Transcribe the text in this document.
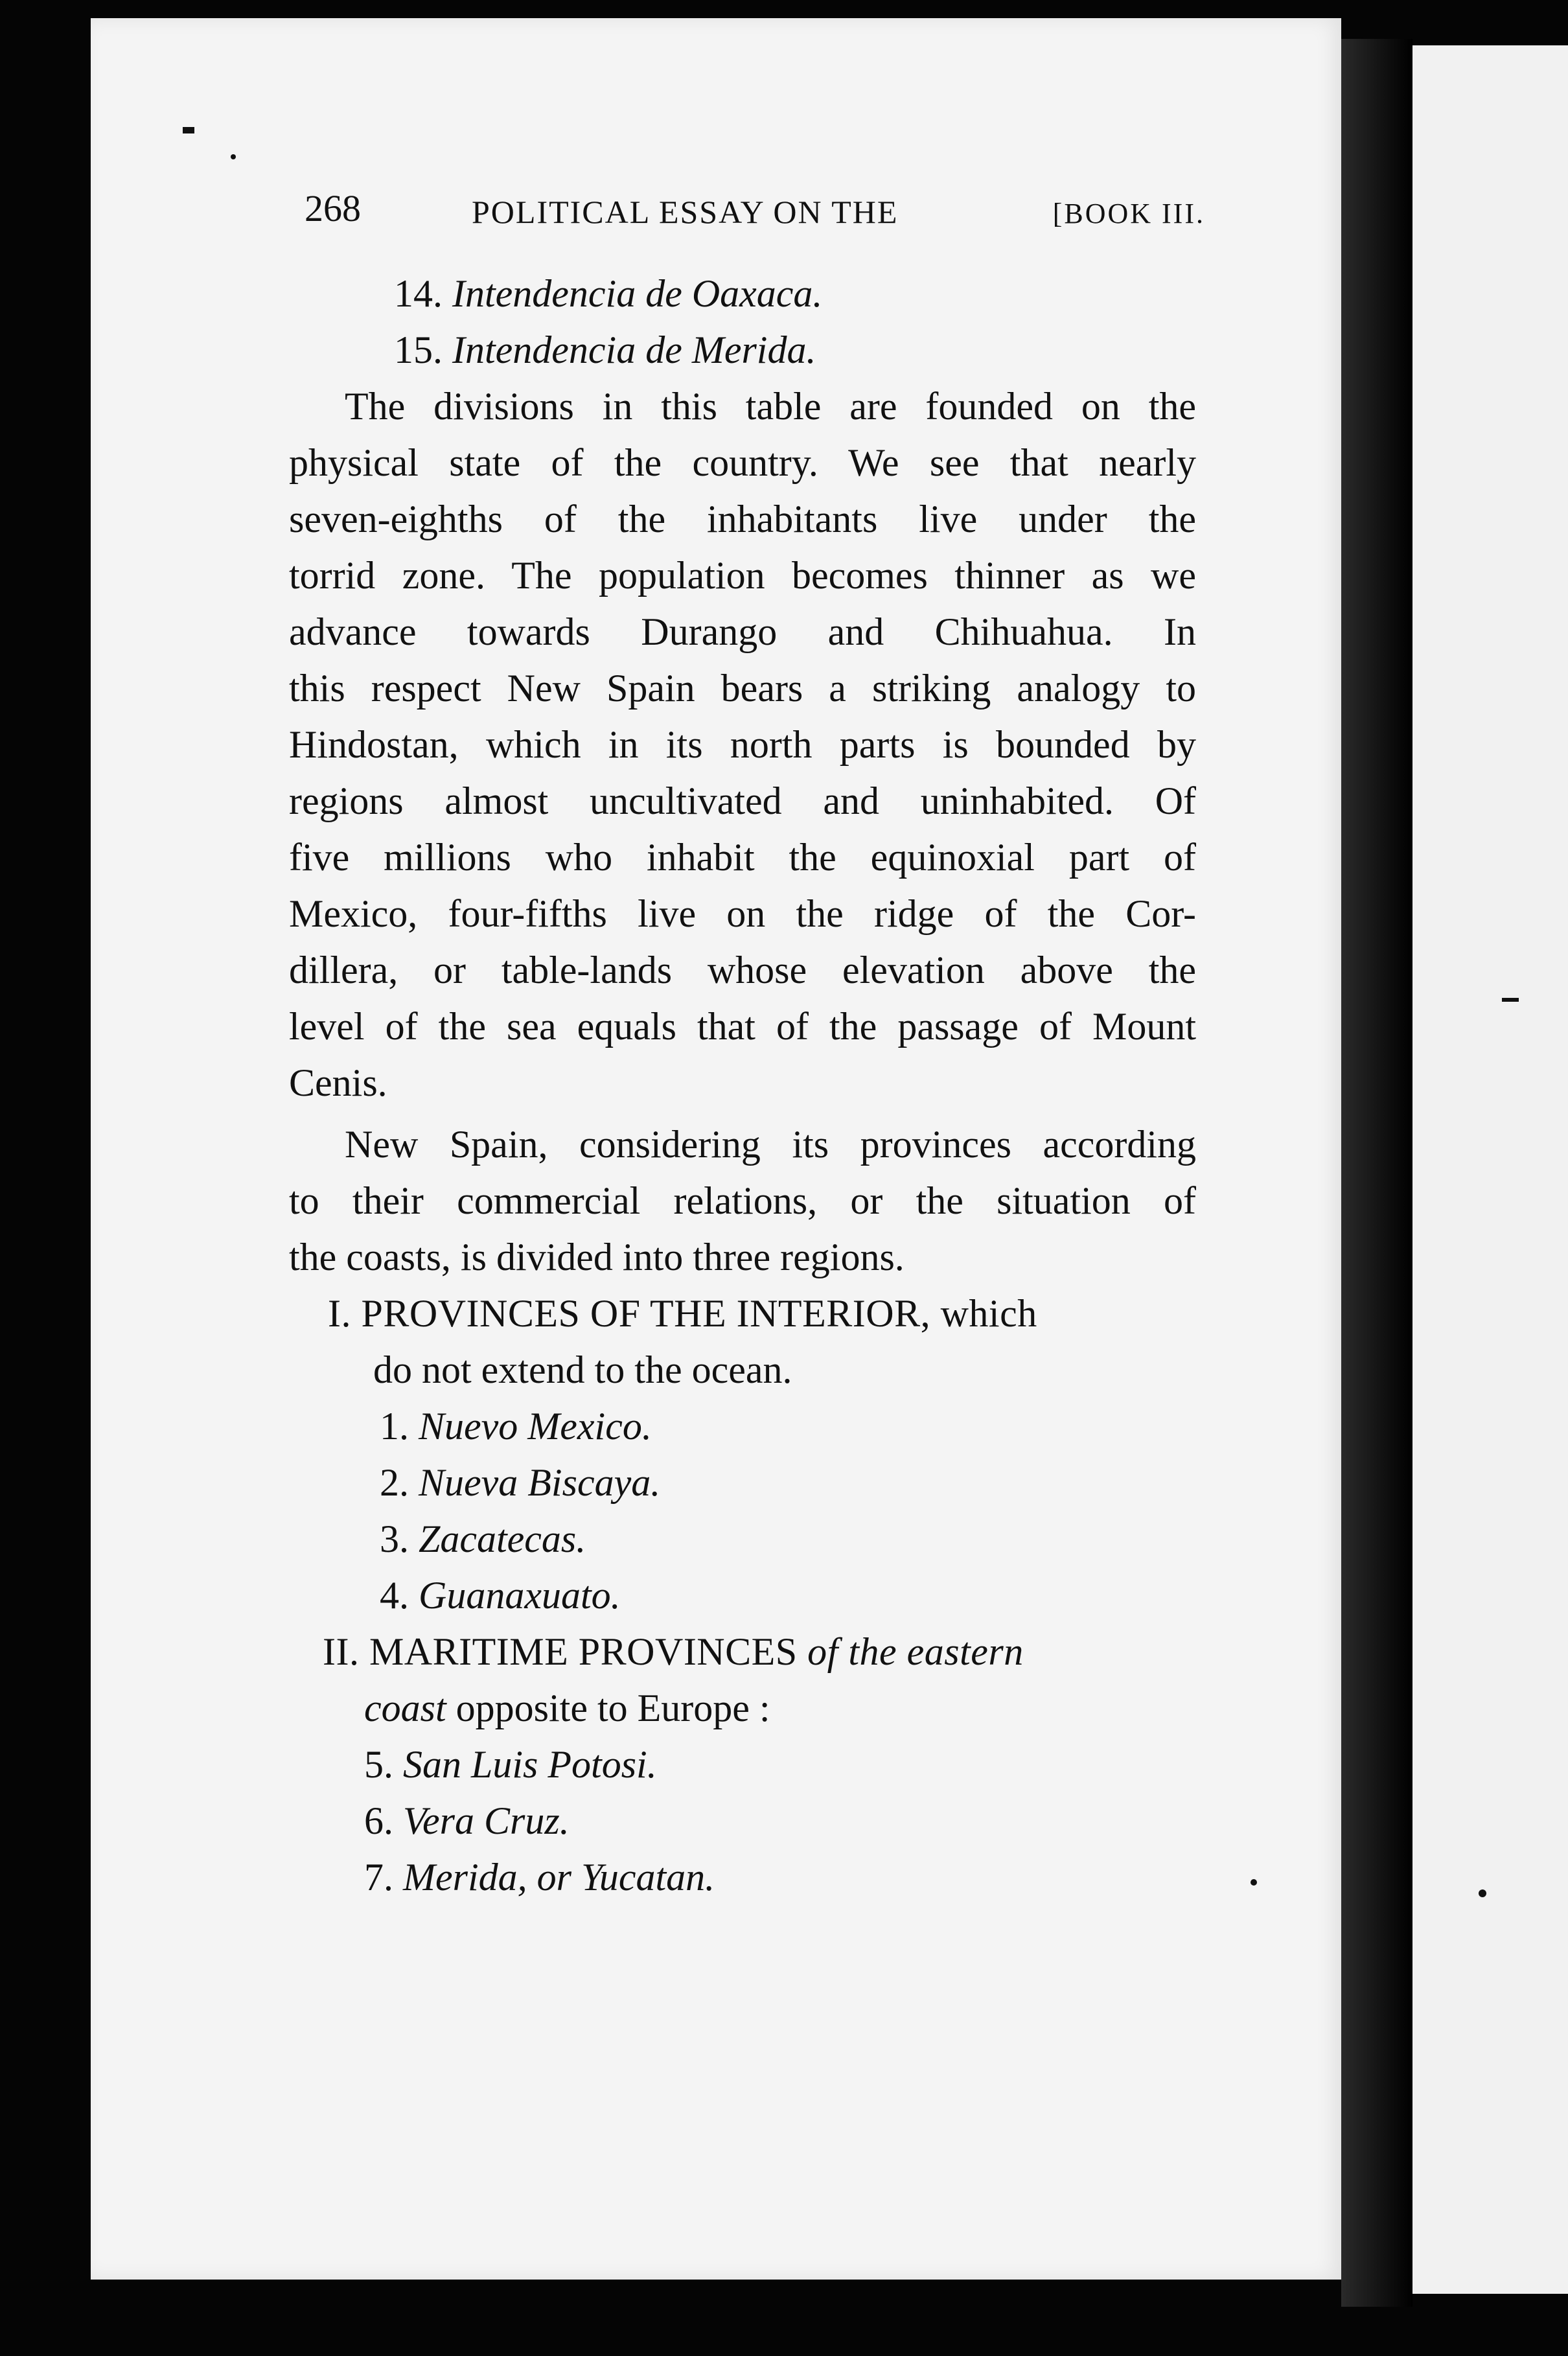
268	POLITICAL ESSAY ON THE	[BOOK III.
14. Intendencia de Oaxaca.
15. Intendencia de Merida.
The divisions in this table are founded on the
physical state of the country. We see that nearly
seven-eighths of the inhabitants live under the
torrid zone. The population becomes thinner as we
advance towards Durango and Chihuahua. In
this respect New Spain bears a striking analogy to
Hindostan, which in its north parts is bounded by
regions almost uncultivated and uninhabited. Of
five millions who inhabit the equinoxial part of
Mexico, four-fifths live on the ridge of the Cor-
dillera, or table-lands whose elevation above the
level of the sea equals that of the passage of Mount
Cenis.
New Spain, considering its provinces according
to their commercial relations, or the situation of
the coasts, is divided into three regions.
I. PROVINCES OF THE INTERIOR, which
do not extend to the ocean.
1. Nuevo Mexico.
2. Nueva Biscaya.
3. Zacatecas.
4. Guanaxuato.
II. MARITIME PROVINCES of the eastern
coast opposite to Europe :
5. San Luis Potosi.
6. Vera Cruz.
7. Merida, or Yucatan.
